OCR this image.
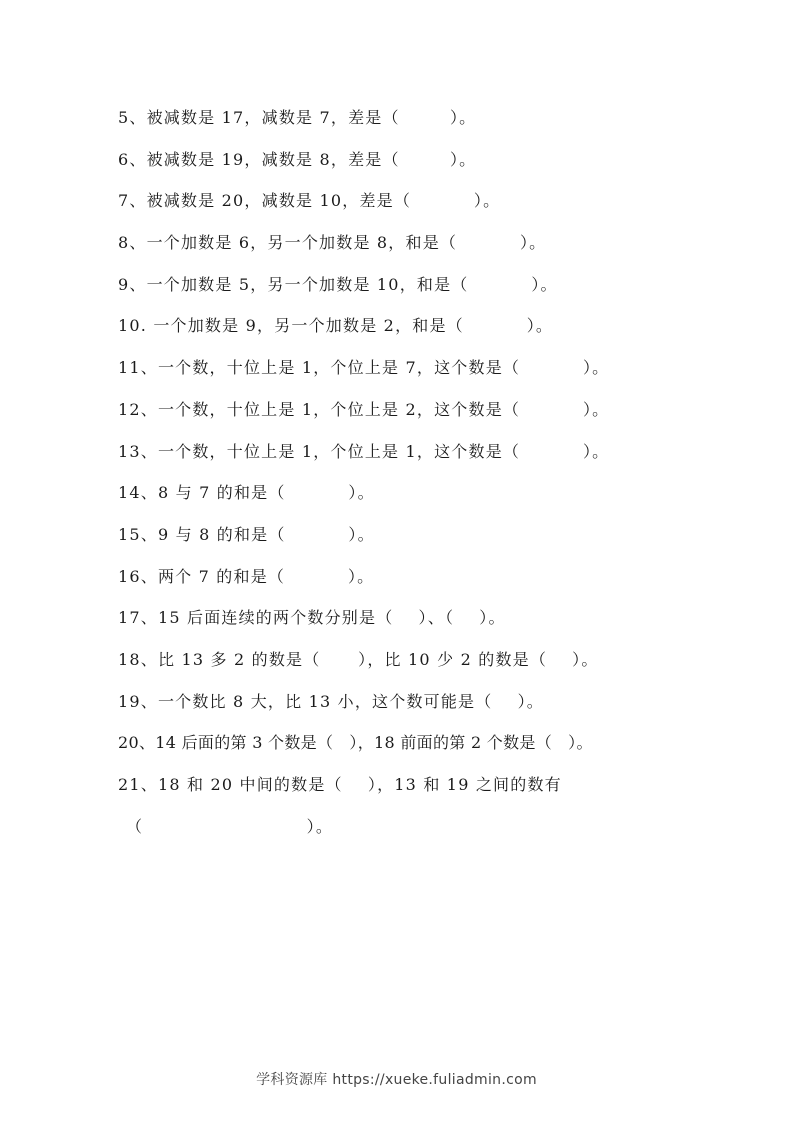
5、被减数是 17，减数是 7，差是（        ）。
6、被减数是 19，减数是 8，差是（        ）。
7、被减数是 20，减数是 10，差是（          ）。
8、一个加数是 6，另一个加数是 8，和是（          ）。
9、一个加数是 5，另一个加数是 10，和是（          ）。
10. 一个加数是 9，另一个加数是 2，和是（          ）。
11、一个数，十位上是 1，个位上是 7，这个数是（          ）。
12、一个数，十位上是 1，个位上是 2，这个数是（          ）。
13、一个数，十位上是 1，个位上是 1，这个数是（          ）。
14、8 与 7 的和是（          ）。
15、9 与 8 的和是（          ）。
16、两个 7 的和是（          ）。
17、15 后面连续的两个数分别是（    ）、（    ）。
18、比 13 多 2 的数是（      ），比 10 少 2 的数是（    ）。
19、一个数比 8 大，比 13 小，这个数可能是（    ）。
20、14 后面的第 3 个数是（   ），18 前面的第 2 个数是（   ）。
21、18 和 20 中间的数是（    ），13 和 19 之间的数有
（                          ）。
学科资源库 https://xueke.fuliadmin.com
